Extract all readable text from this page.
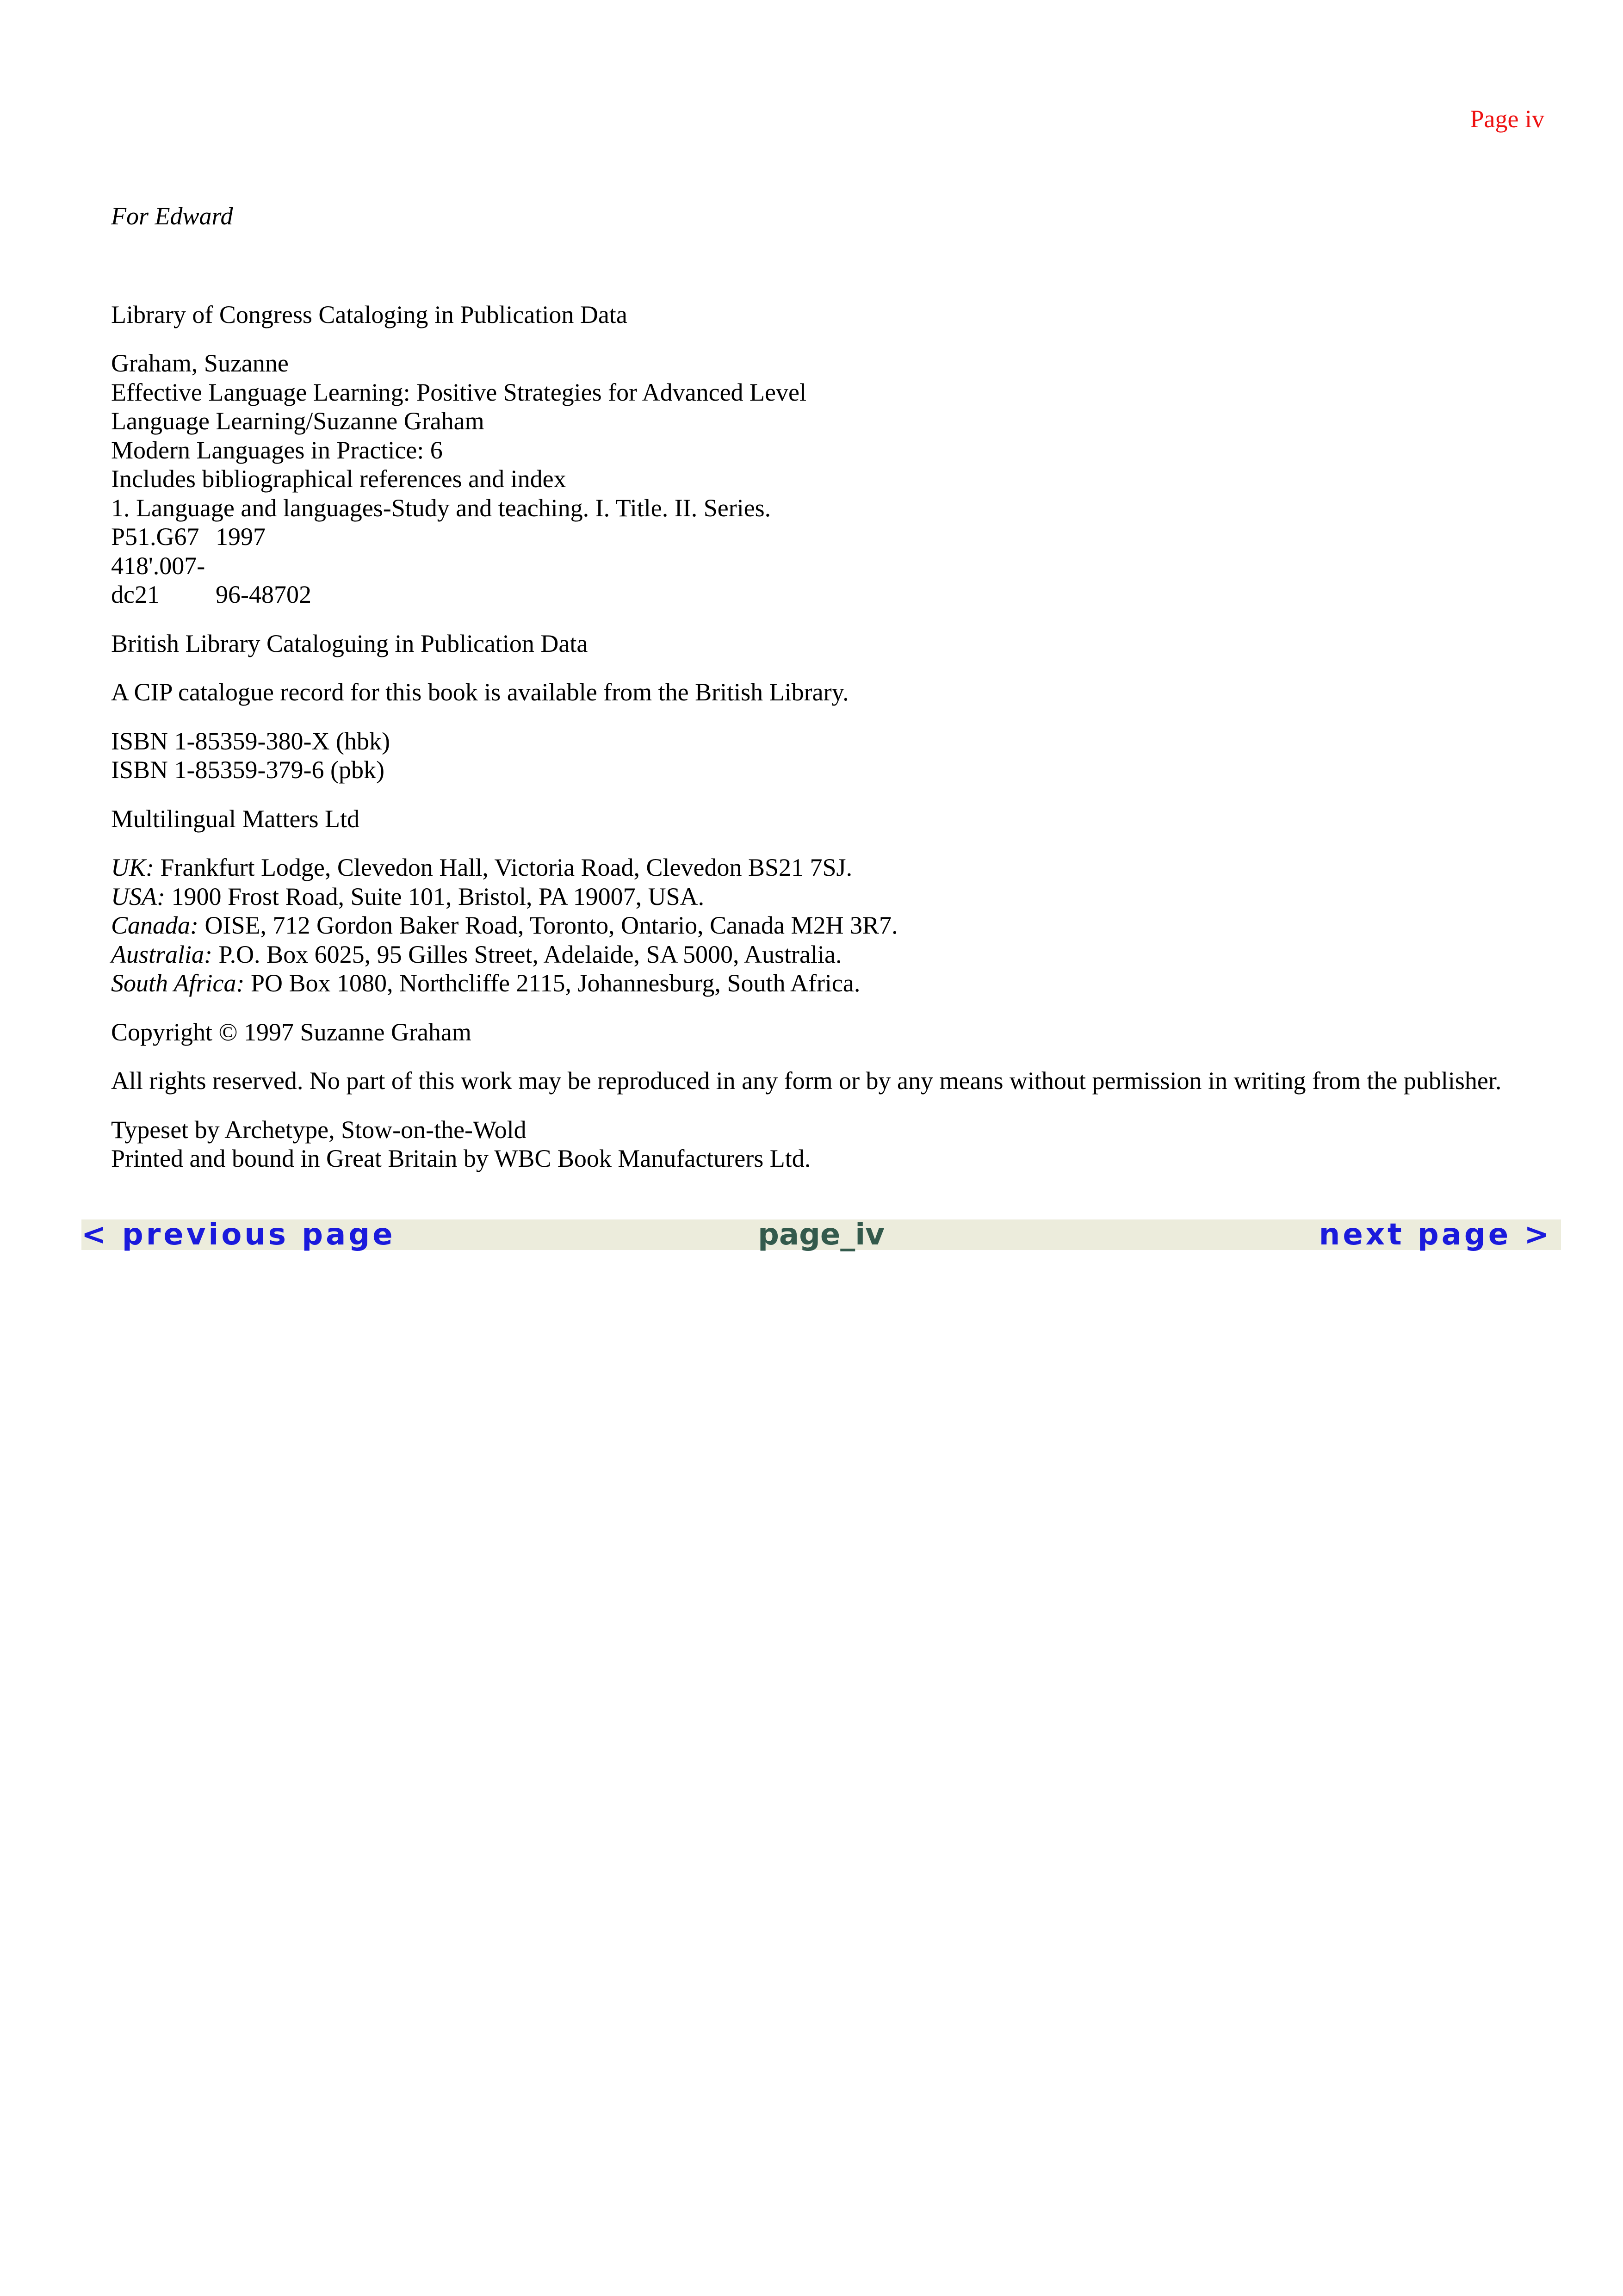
Page iv

For Edward

Library of Congress Cataloging in Publication Data

Graham, Suzanne
Effective Language Learning: Positive Strategies for Advanced Level
Language Learning/Suzanne Graham
Modern Languages in Practice: 6
Includes bibliographical references and index
1. Language and languages-Study and teaching. I. Title. II. Series.
P51.G67 1997
418'.007-dc21 96-48702

British Library Cataloguing in Publication Data

A CIP catalogue record for this book is available from the British Library.

ISBN 1-85359-380-X (hbk)
ISBN 1-85359-379-6 (pbk)

Multilingual Matters Ltd

UK: Frankfurt Lodge, Clevedon Hall, Victoria Road, Clevedon BS21 7SJ.
USA: 1900 Frost Road, Suite 101, Bristol, PA 19007, USA.
Canada: OISE, 712 Gordon Baker Road, Toronto, Ontario, Canada M2H 3R7.
Australia: P.O. Box 6025, 95 Gilles Street, Adelaide, SA 5000, Australia.
South Africa: PO Box 1080, Northcliffe 2115, Johannesburg, South Africa.

Copyright © 1997 Suzanne Graham

All rights reserved. No part of this work may be reproduced in any form or by any means without permission in writing from the publisher.

Typeset by Archetype, Stow-on-the-Wold
Printed and bound in Great Britain by WBC Book Manufacturers Ltd.
page_iv
< previous page	next page >
